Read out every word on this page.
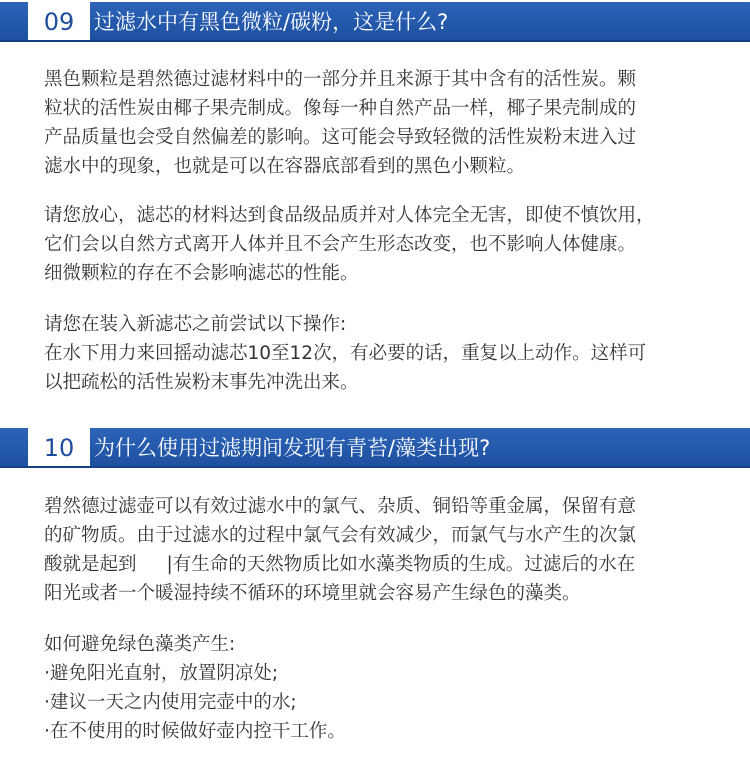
09 过滤水中有黑色微粒/碳粉，这是什么?
黑色颗粒是碧然德过滤材料中的一部分并且来源于其中含有的活性炭。颗
粒状的活性炭由椰子果壳制成。像每一种自然产品一样，椰子果壳制成的
产品质量也会受自然偏差的影响。这可能会导致轻微的活性炭粉末进入过
滤水中的现象，也就是可以在容器底部看到的黑色小颗粒。
请您放心，滤芯的材料达到食品级品质并对人体完全无害，即使不慎饮用，
它们会以自然方式离开人体并且不会产生形态改变，也不影响人体健康。
细微颗粒的存在不会影响滤芯的性能。
请您在装入新滤芯之前尝试以下操作:
在水下用力来回摇动滤芯10至12次，有必要的话，重复以上动作。这样可
以把疏松的活性炭粉末事先冲洗出来。
10 为什么使用过滤期间发现有青苔/藻类出现?
碧然德过滤壶可以有效过滤水中的氯气、杂质、铜铅等重金属，保留有意
的矿物质。由于过滤水的过程中氯气会有效减少，而氯气与水产生的次氯
酸就是起到 |有生命的天然物质比如水藻类物质的生成。过滤后的水在
阳光或者一个暖湿持续不循环的环境里就会容易产生绿色的藻类。
如何避免绿色藻类产生:
·避免阳光直射，放置阴凉处;
·建议一天之内使用完壶中的水;
·在不使用的时候做好壶内控干工作。
